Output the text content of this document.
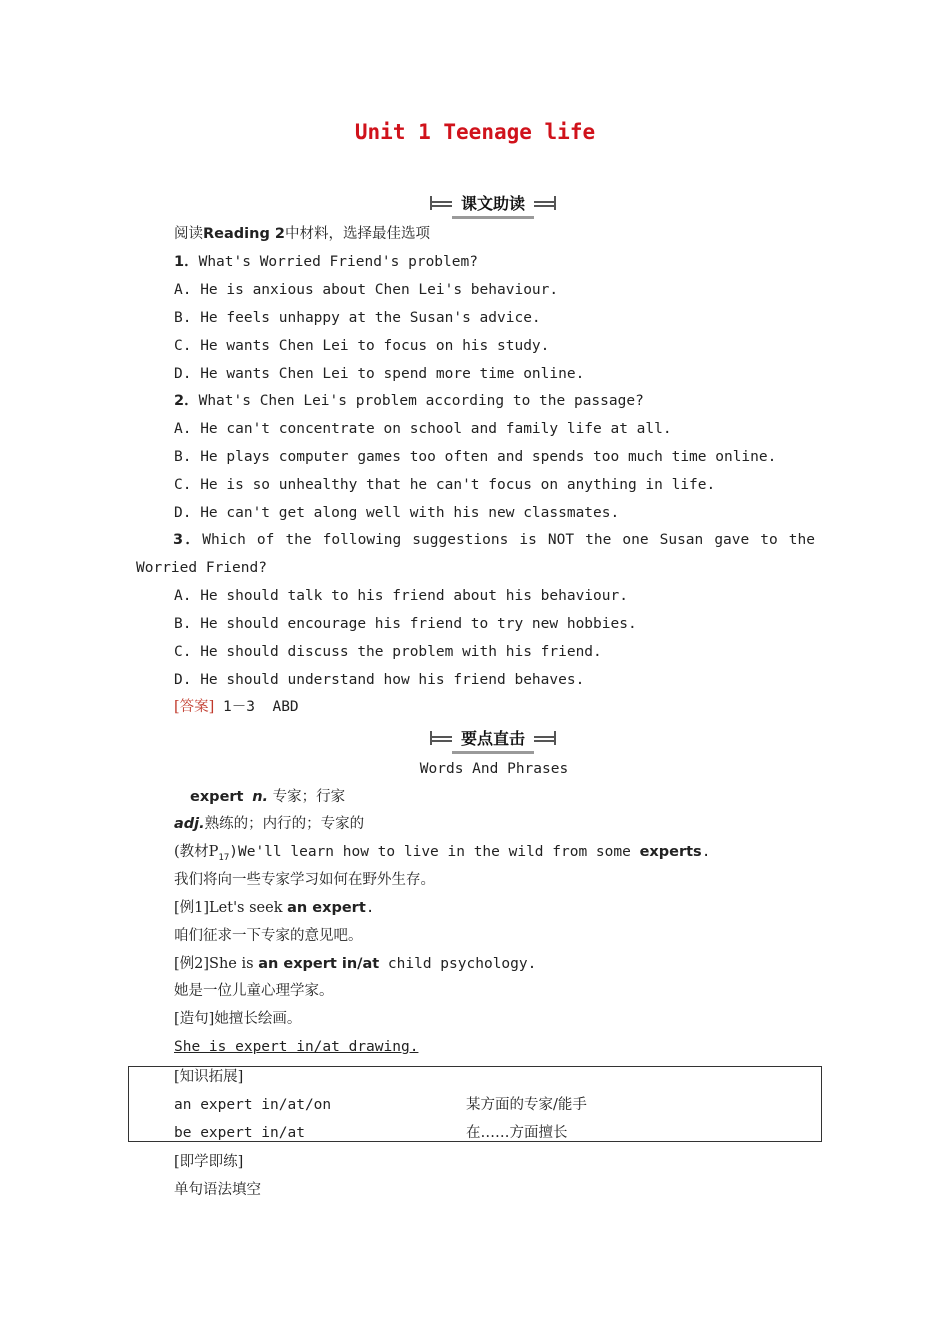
Unit 1 Teenage life
课文助读
阅读Reading 2中材料，选择最佳选项
1．What's Worried Friend's problem?
A. He is anxious about Chen Lei's behaviour.
B. He feels unhappy at the Susan's advice.
C. He wants Chen Lei to focus on his study.
D. He wants Chen Lei to spend more time online.
2．What's Chen Lei's problem according to the passage?
A. He can't concentrate on school and family life at all.
B. He plays computer games too often and spends too much time online.
C. He is so unhealthy that he can't focus on anything in life.
D. He can't get along well with his new classmates.
3．Which of the following suggestions is NOT the one Susan gave to the
Worried Friend?
A. He should talk to his friend about his behaviour.
B. He should encourage his friend to try new hobbies.
C. He should discuss the problem with his friend.
D. He should understand how his friend behaves.
[答案] 1－3  ABD
要点直击
Words And Phrases
expert n. 专家；行家
adj.熟练的；内行的；专家的
(教材$P_{17})We'll$ learn how to live in the wild from some experts.
我们将向一些专家学习如何在野外生存。
[例1]Let's seek an expert.
咱们征求一下专家的意见吧。
[例2]She is an expert in/at child psychology.
她是一位儿童心理学家。
[造句]她擅长绘画。
She is expert in/at drawing.
[知识拓展]
an expert in/at/on	某方面的专家/能手
be expert in/at	在……方面擅长
[即学即练]
单句语法填空
